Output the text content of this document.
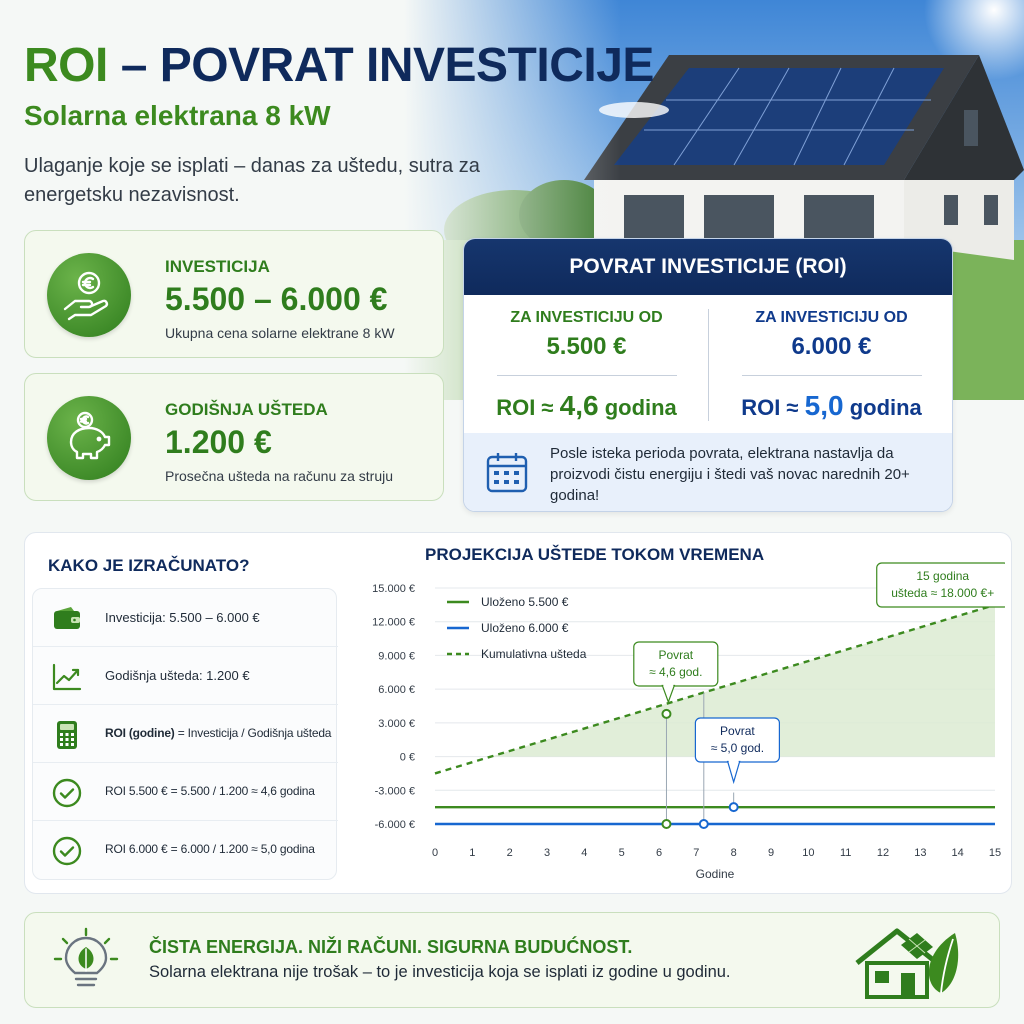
ROI – POVRAT INVESTICIJE
Solarna elektrana 8 kW
Ulaganje koje se isplati – danas za uštedu, sutra za energetsku nezavisnost.
INVESTICIJA
5.500 – 6.000 €
Ukupna cena solarne elektrane 8 kW
GODIŠNJA UŠTEDA
1.200 €
Prosečna ušteda na računu za struju
POVRAT INVESTICIJE (ROI)
ZA INVESTICIJU OD
5.500 €
ROI ≈ 4,6 godina
ZA INVESTICIJU OD
6.000 €
ROI ≈ 5,0 godina
Posle isteka perioda povrata, elektrana nastavlja da proizvodi čistu energiju i štedi vaš novac narednih 20+ godina!
KAKO JE IZRAČUNATO?
Investicija: 5.500 – 6.000 €
Godišnja ušteda: 1.200 €
ROI (godine) = Investicija / Godišnja ušteda
ROI 5.500 € = 5.500 / 1.200 ≈ 4,6 godina
ROI 6.000 € = 6.000 / 1.200 ≈ 5,0 godina
PROJEKCIJA UŠTEDE TOKOM VREMENA
-6.000 €
-3.000 €
0 €
3.000 €
6.000 €
9.000 €
12.000 €
15.000 €
0	1	2	3	4	5	6	7	8	9	10 11 12 13 14 15
Godine
Uloženo 5.500 €
Uloženo 6.000 €
Kumulativna ušteda	Povrat
≈ 4,6 god.
Povrat
≈ 5,0 god.
15 godina
ušteda ≈ 18.000 €+
ČISTA ENERGIJA. NIŽI RAČUNI. SIGURNA BUDUĆNOST.
Solarna elektrana nije trošak – to je investicija koja se isplati iz godine u godinu.
